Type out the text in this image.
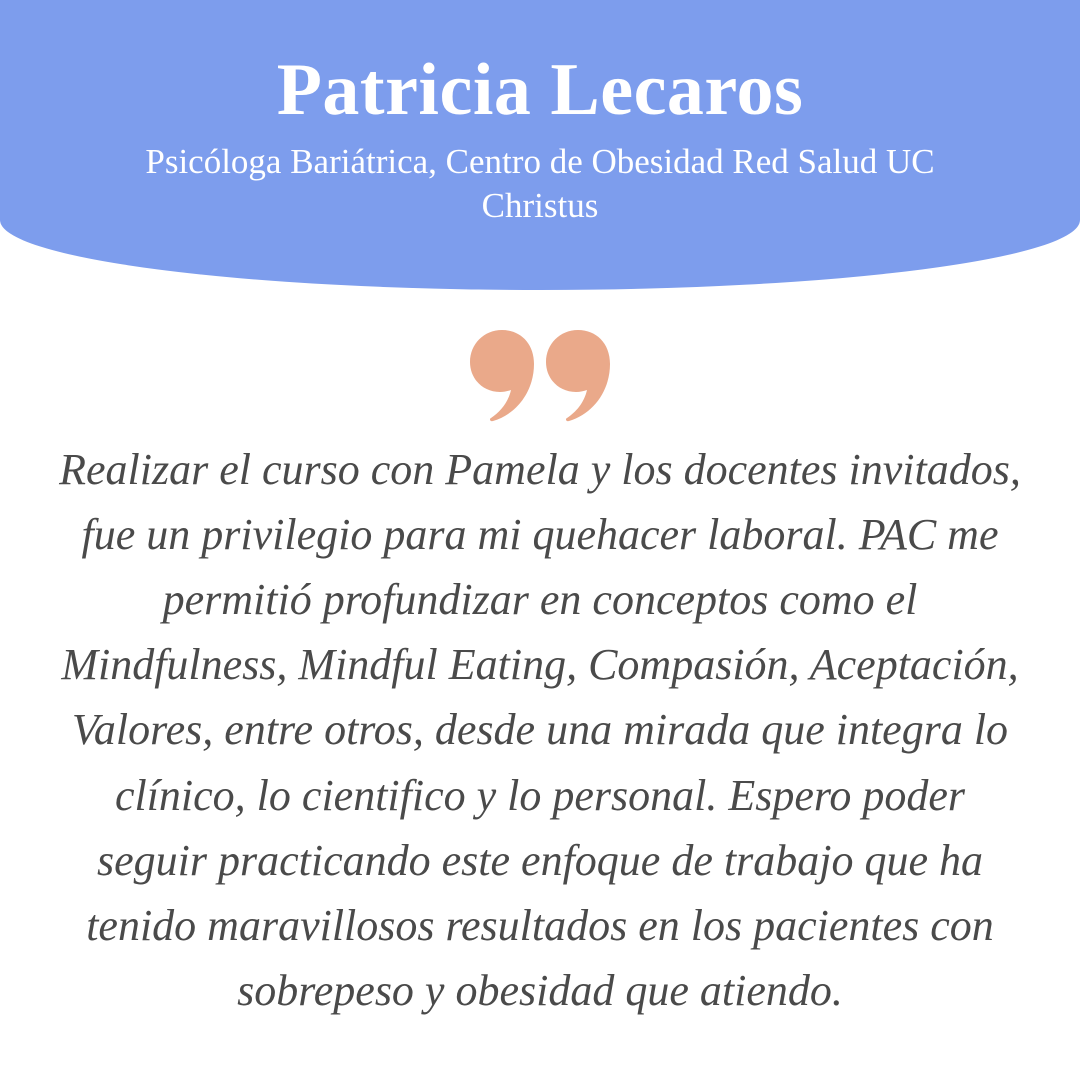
Patricia Lecaros
Psicóloga Bariátrica, Centro de Obesidad Red Salud UC Christus
Realizar el curso con Pamela y los docentes invitados, fue un privilegio para mi quehacer laboral. PAC me permitió profundizar en conceptos como el Mindfulness, Mindful Eating, Compasión, Aceptación, Valores, entre otros, desde una mirada que integra lo clínico, lo cientifico y lo personal. Espero poder seguir practicando este enfoque de trabajo que ha tenido maravillosos resultados en los pacientes con sobrepeso y obesidad que atiendo.
